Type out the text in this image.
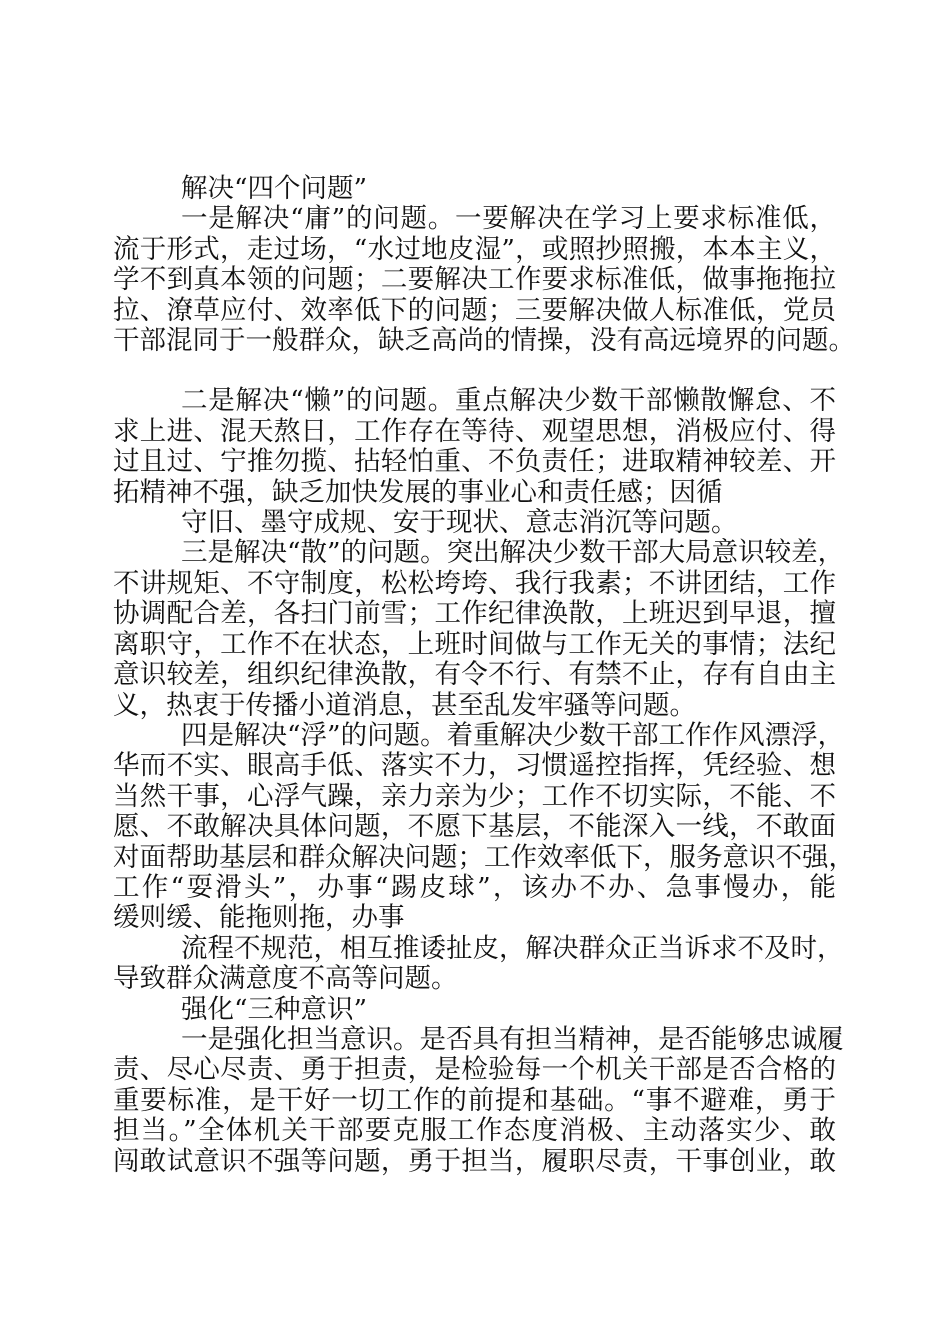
解决“四个问题”
一是解决“庸”的问题。一要解决在学习上要求标准低，
流于形式，走过场，“水过地皮湿”，或照抄照搬，本本主义，
学不到真本领的问题；二要解决工作要求标准低，做事拖拖拉
拉、潦草应付、效率低下的问题；三要解决做人标准低，党员
干部混同于一般群众，缺乏高尚的情操，没有高远境界的问题。
二是解决“懒”的问题。重点解决少数干部懒散懈怠、不
求上进、混天熬日，工作存在等待、观望思想，消极应付、得
过且过、宁推勿揽、拈轻怕重、不负责任；进取精神较差、开
拓精神不强，缺乏加快发展的事业心和责任感；因循
守旧、墨守成规、安于现状、意志消沉等问题。
三是解决“散”的问题。突出解决少数干部大局意识较差，
不讲规矩、不守制度，松松垮垮、我行我素；不讲团结，工作
协调配合差，各扫门前雪；工作纪律涣散，上班迟到早退，擅
离职守，工作不在状态，上班时间做与工作无关的事情；法纪
意识较差，组织纪律涣散，有令不行、有禁不止，存有自由主
义，热衷于传播小道消息，甚至乱发牢骚等问题。
四是解决“浮”的问题。着重解决少数干部工作作风漂浮，
华而不实、眼高手低、落实不力，习惯遥控指挥，凭经验、想
当然干事，心浮气躁，亲力亲为少；工作不切实际，不能、不
愿、不敢解决具体问题，不愿下基层，不能深入一线，不敢面
对面帮助基层和群众解决问题；工作效率低下，服务意识不强，
工作“耍滑头”，办事“踢皮球”，该办不办、急事慢办，能
缓则缓、能拖则拖，办事
流程不规范，相互推诿扯皮，解决群众正当诉求不及时，
导致群众满意度不高等问题。
强化“三种意识”
一是强化担当意识。是否具有担当精神，是否能够忠诚履
责、尽心尽责、勇于担责，是检验每一个机关干部是否合格的
重要标准，是干好一切工作的前提和基础。“事不避难，勇于
担当。”全体机关干部要克服工作态度消极、主动落实少、敢
闯敢试意识不强等问题，勇于担当，履职尽责，干事创业，敢
